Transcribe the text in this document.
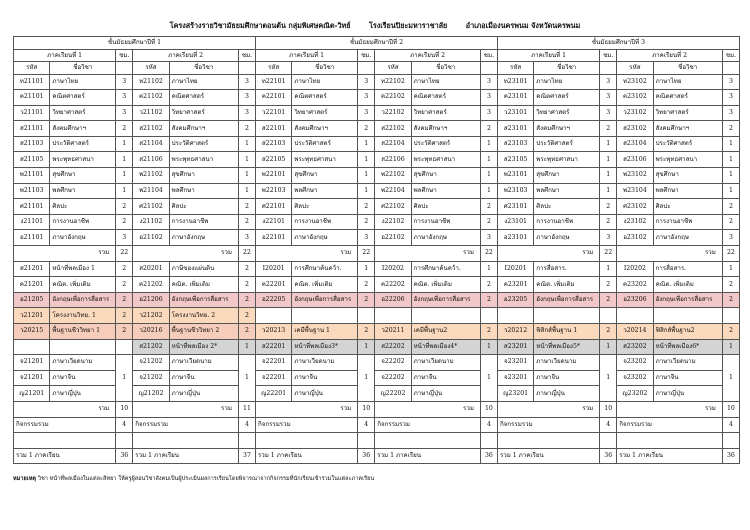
โครงสร้างรายวิชามัธยมศึกษาตอนต้น กลุ่มพิเศษคณิต-วิทย์	โรงเรียนปิยะมหาราชาลัย	อำเภอเมืองนครพนม จังหวัดนครพนม
ชั้นมัธยมศึกษาปีที่ 1						ชั้นมัธยมศึกษาปีที่ 2						ชั้นมัธยมศึกษาปีที่ 3					
ภาคเรียนที่ 1		ชม.	ภาคเรียนที่ 2		ชม.	ภาคเรียนที่ 1		ชม.	ภาคเรียนที่ 2		ชม.	ภาคเรียนที่ 1		ชม.	ภาคเรียนที่ 2		ชม.
รหัส	ชื่อวิชา		รหัส	ชื่อวิชา		รหัส	ชื่อวิชา		รหัส	ชื่อวิชา		รหัส	ชื่อวิชา		รหัส	ชื่อวิชา	
ท21101	ภาษาไทย	3	ท21102	ภาษาไทย	3	ท22101	ภาษาไทย	3	ท22102	ภาษาไทย	3	ท23101	ภาษาไทย	3	ท23102	ภาษาไทย	3
ค21101	คณิตศาสตร์	3	ค21102	คณิตศาสตร์	3	ค22101	คณิตศาสตร์	3	ค22102	คณิตศาสตร์	3	ค23101	คณิตศาสตร์	3	ค23102	คณิตศาสตร์	3
ว21101	วิทยาศาสตร์	3	ว21102	วิทยาศาสตร์	3	ว22101	วิทยาศาสตร์	3	ว22102	วิทยาศาสตร์	3	ว23101	วิทยาศาสตร์	3	ว23102	วิทยาศาสตร์	3
ส21101	สังคมศึกษาฯ	2	ส21102	สังคมศึกษาฯ	2	ส22101	สังคมศึกษาฯ	2	ส22102	สังคมศึกษาฯ	2	ส23101	สังคมศึกษาฯ	2	ส23102	สังคมศึกษาฯ	2
ส21103	ประวัติศาสตร์	1	ส21104	ประวัติศาสตร์	1	ส22103	ประวัติศาสตร์	1	ส22104	ประวัติศาสตร์	1	ส23103	ประวัติศาสตร์	1	ส23104	ประวัติศาสตร์	1
ส21105	พระพุทธศาสนา	1	ส21106	พระพุทธศาสนา	1	ส22105	พระพุทธศาสนา	1	ส22106	พระพุทธศาสนา	1	ส23105	พระพุทธศาสนา	1	ส23106	พระพุทธศาสนา	1
พ21101	สุขศึกษา	1	พ21102	สุขศึกษา	1	พ22101	สุขศึกษา	1	พ22102	สุขศึกษา	1	พ23101	สุขศึกษา	1	พ23102	สุขศึกษา	1
พ21103	พลศึกษา	1	พ21104	พลศึกษา	1	พ22103	พลศึกษา	1	พ22104	พลศึกษา	1	พ23103	พลศึกษา	1	พ23104	พลศึกษา	1
ศ21101	ศิลปะ	2	ศ21102	ศิลปะ	2	ศ22101	ศิลปะ	2	ศ22102	ศิลปะ	2	ศ23101	ศิลปะ	2	ศ23102	ศิลปะ	2
ง21101	การงานอาชีพ	2	ง21102	การงานอาชีพ	2	ง22101	การงานอาชีพ	2	ง22102	การงานอาชีพ	2	ง23101	การงานอาชีพ	2	ง23102	การงานอาชีพ	2
อ21101	ภาษาอังกฤษ	3	อ21102	ภาษาอังกฤษ	3	อ22101	ภาษาอังกฤษ	3	อ22102	ภาษาอังกฤษ	3	อ23101	ภาษาอังกฤษ	3	อ23102	ภาษาอังกฤษ	3
รวม		22	รวม		22	รวม		22	รวม		22	รวม		22	รวม		22
ส21201	หน้าที่พลเมือง 1	2	ส20201	ภาษีของแผ่นดิน	2	I20201	การศึกษาค้นคว้า.	1	I20202	การศึกษาค้นคว้า.	1	I20201	การสื่อสาร.	1	I20202	การสื่อสาร.	1
ค21201	คณิต. เพิ่มเติม	2	ค21202	คณิต. เพิ่มเติม	2	ค22201	คณิต. เพิ่มเติม	2	ค22202	คณิต. เพิ่มเติม	2	ค23201	คณิต. เพิ่มเติม	2	ค23202	คณิต. เพิ่มเติม	2
อ21205	อังกฤษเพื่อการสื่อสาร	2	อ21206	อังกฤษเพื่อการสื่อสาร	2	อ22205	อังกฤษเพื่อการสื่อสาร	2	อ22206	อังกฤษเพื่อการสื่อสาร	2	อ23205	อังกฤษเพื่อการสื่อสาร	2	อ23206	อังกฤษเพื่อการสื่อสาร	2
ว21201	โครงงานวิทย. 1	2	ว21202	โครงงานวิทย. 2	2												
ว20215	พื้นฐานชีววิทยา 1	2	ว20216	พื้นฐานชีววิทยา 2	2	ว20213	เคมีพื้นฐาน 1	2	ว20211	เคมีพื้นฐาน2	2	ว20212	ฟิสิกส์พื้นฐาน 1	2	ว20214	ฟิสิกส์พื้นฐาน2	2
			ส21202	หน้าที่พลเมือง 2*	1	ส22201	หน้าที่พลเมือง3*	1	ส22202	หน้าที่พลเมือง4*	1	ส23201	หน้าที่พลเมือง5*	1	ส23202	หน้าที่พลเมือง6*	1
จ21201	ภาษาเวียดนาม	1	จ21202	ภาษาเวียดนาม	1	จ22201	ภาษาเวียดนาม	1	จ22202	ภาษาเวียดนาม	1	จ23201	ภาษาเวียดนาม	1	จ23202	ภาษาเวียดนาม	1
จ21201	ภาษาจีน		จ21202	ภาษาจีน		จ22201	ภาษาจีน		จ22202	ภาษาจีน		จ23201	ภาษาจีน		จ23202	ภาษาจีน	
ญ21201	ภาษาญี่ปุ่น		ญ21202	ภาษาญี่ปุ่น		ญ22201	ภาษาญี่ปุ่น		ญ22202	ภาษาญี่ปุ่น		ญ23201	ภาษาญี่ปุ่น		ญ23202	ภาษาญี่ปุ่น	
รวม		10	รวม		11	รวม		10	รวม		10	รวม		10	รวม		10
กิจกรรมรวม		4	กิจกรรมรวม		4	กิจกรรมรวม		4	กิจกรรมรวม		4	กิจกรรมรวม		4	กิจกรรมรวม		4

รวม 1 ภาคเรียน		36	รวม 1 ภาคเรียน		37	รวม 1 ภาคเรียน		36	รวม 1 ภาคเรียน		36	รวม 1 ภาคเรียน		36	รวม 1 ภาคเรียน		36
หมายเหตุ วิชา หน้าที่พลเมืองในแต่ละสิทยา ให้ครูผู้สอนวิชาสังคมเป็นผู้ประเมินผลการเรียนโดยพิจารณาจากกิจกรรมที่นักเรียนเข้าร่วมในแต่ละภาคเรียน
